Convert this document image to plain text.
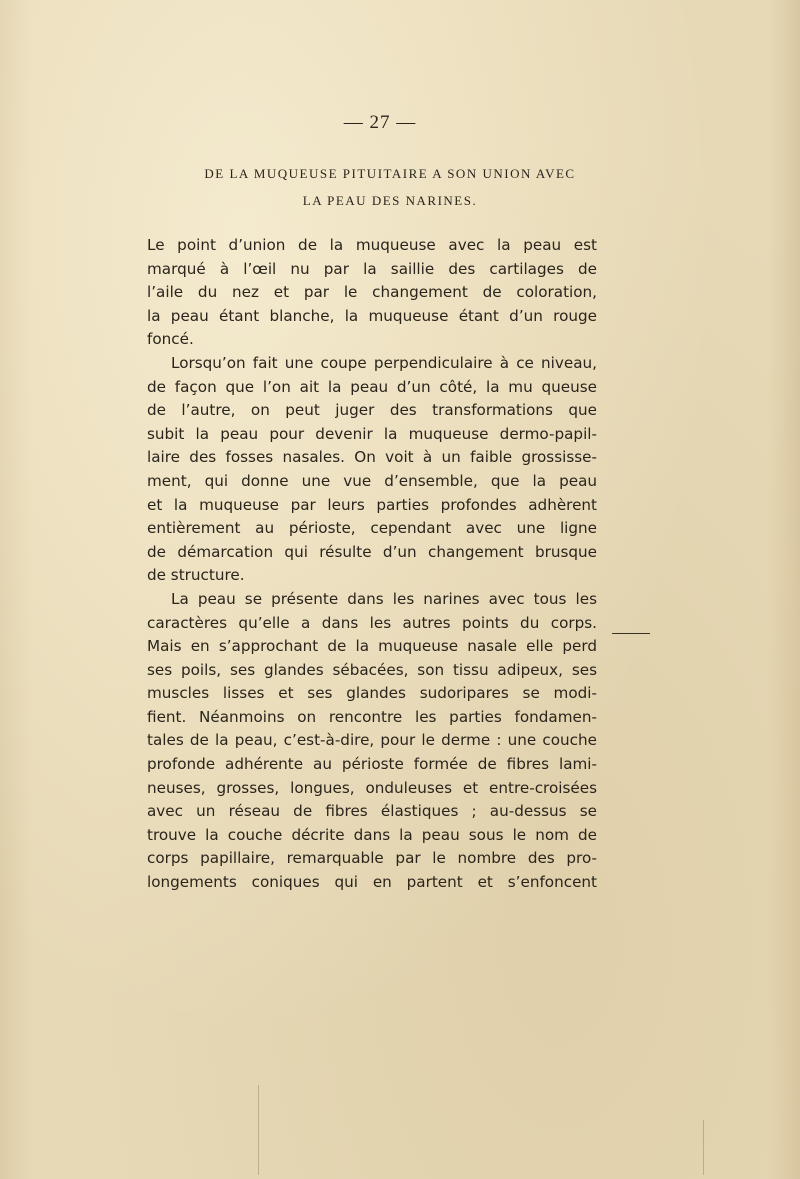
— 27 —
DE LA MUQUEUSE PITUITAIRE A SON UNION AVEC
LA PEAU DES NARINES.
Le point d’union de la muqueuse avec la peau est
marqué à l’œil nu par la saillie des cartilages de
l’aile du nez et par le changement de coloration,
la peau étant blanche, la muqueuse étant d’un rouge
foncé.
Lorsqu’on fait une coupe perpendiculaire à ce niveau,
de façon que l’on ait la peau d’un côté, la mu queuse
de l’autre, on peut juger des transformations que
subit la peau pour devenir la muqueuse dermo-papil-
laire des fosses nasales. On voit à un faible grossisse-
ment, qui donne une vue d’ensemble, que la peau
et la muqueuse par leurs parties profondes adhèrent
entièrement au périoste, cependant avec une ligne
de démarcation qui résulte d’un changement brusque
de structure.
La peau se présente dans les narines avec tous les
caractères qu’elle a dans les autres points du corps.
Mais en s’approchant de la muqueuse nasale elle perd
ses poils, ses glandes sébacées, son tissu adipeux, ses
muscles lisses et ses glandes sudoripares se modi-
fient. Néanmoins on rencontre les parties fondamen-
tales de la peau, c’est-à-dire, pour le derme : une couche
profonde adhérente au périoste formée de fibres lami-
neuses, grosses, longues, onduleuses et entre-croisées
avec un réseau de fibres élastiques ; au-dessus se
trouve la couche décrite dans la peau sous le nom de
corps papillaire, remarquable par le nombre des pro-
longements coniques qui en partent et s’enfoncent
